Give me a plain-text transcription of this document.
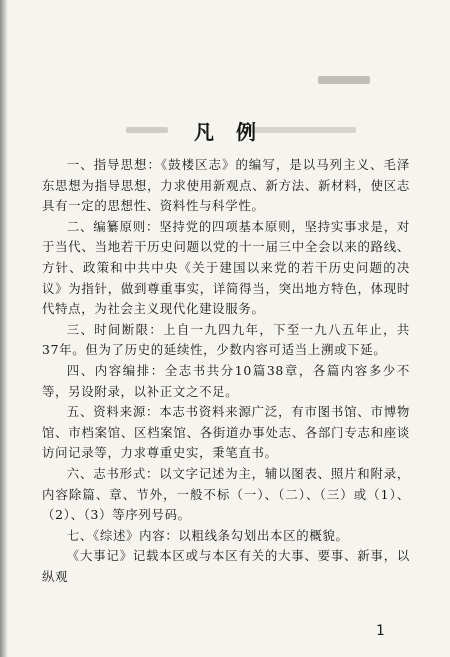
凡例

一、指导思想：《鼓楼区志》的编写，是以马列主义、毛泽东思想为指导思想，力求使用新观点、新方法、新材料，使区志具有一定的思想性、资料性与科学性。

二、编纂原则：坚持党的四项基本原则，坚持实事求是，对于当代、当地若干历史问题以党的十一届三中全会以来的路线、方针、政策和中共中央《关于建国以来党的若干历史问题的决议》为指针，做到尊重事实，详简得当，突出地方特色，体现时代特点，为社会主义现代化建设服务。

三、时间断限：上自一九四九年，下至一九八五年止，共37年。但为了历史的延续性，少数内容可适当上溯或下延。

四、内容编排：全志书共分10篇38章，各篇内容多少不等，另设附录，以补正文之不足。

五、资料来源：本志书资料来源广泛，有市图书馆、市博物馆、市档案馆、区档案馆、各街道办事处志、各部门专志和座谈访问记录等，力求尊重史实，秉笔直书。

六、志书形式：以文字记述为主，辅以图表、照片和附录，内容除篇、章、节外，一般不标（一）、（二）、（三）或（1）、（2）、（3）等序列号码。

七、《综述》内容：以粗线条勾划出本区的概貌。

《大事记》记载本区或与本区有关的大事、要事、新事，以纵观

1
